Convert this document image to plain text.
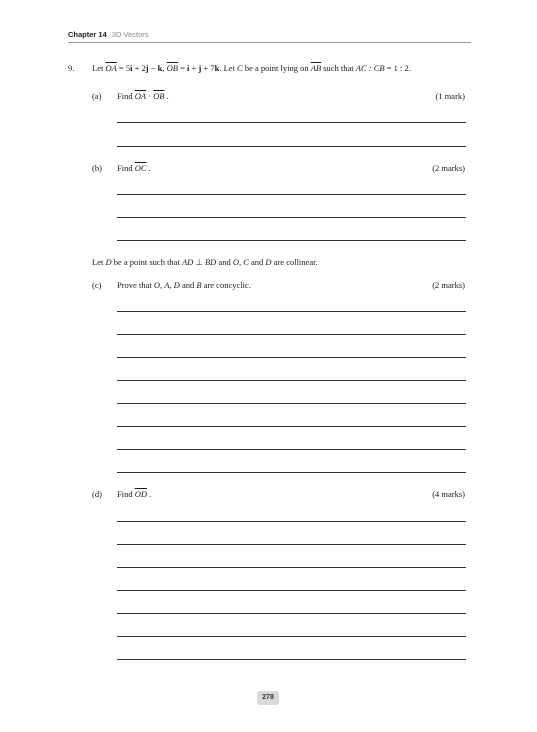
Chapter 14 3D Vectors
9. Let $\overline{OA} = 5i + 2j - k$, $\overline{OB} = i + j + 7k$. Let C be a point lying on $\overline{AB}$ such that AC : CB = 1 : 2.
(a) Find $\overline{OA} \cdot \overline{OB}$ .	(1 mark)
(b) Find $\overline{OC}$ .	(2 marks)
Let D be a point such that AD ⊥ BD and O, C and D are collinear.
(c) Prove that O, A, D and B are concyclic.	(2 marks)
(d) Find $\overline{OD}$ .	(4 marks)
278
